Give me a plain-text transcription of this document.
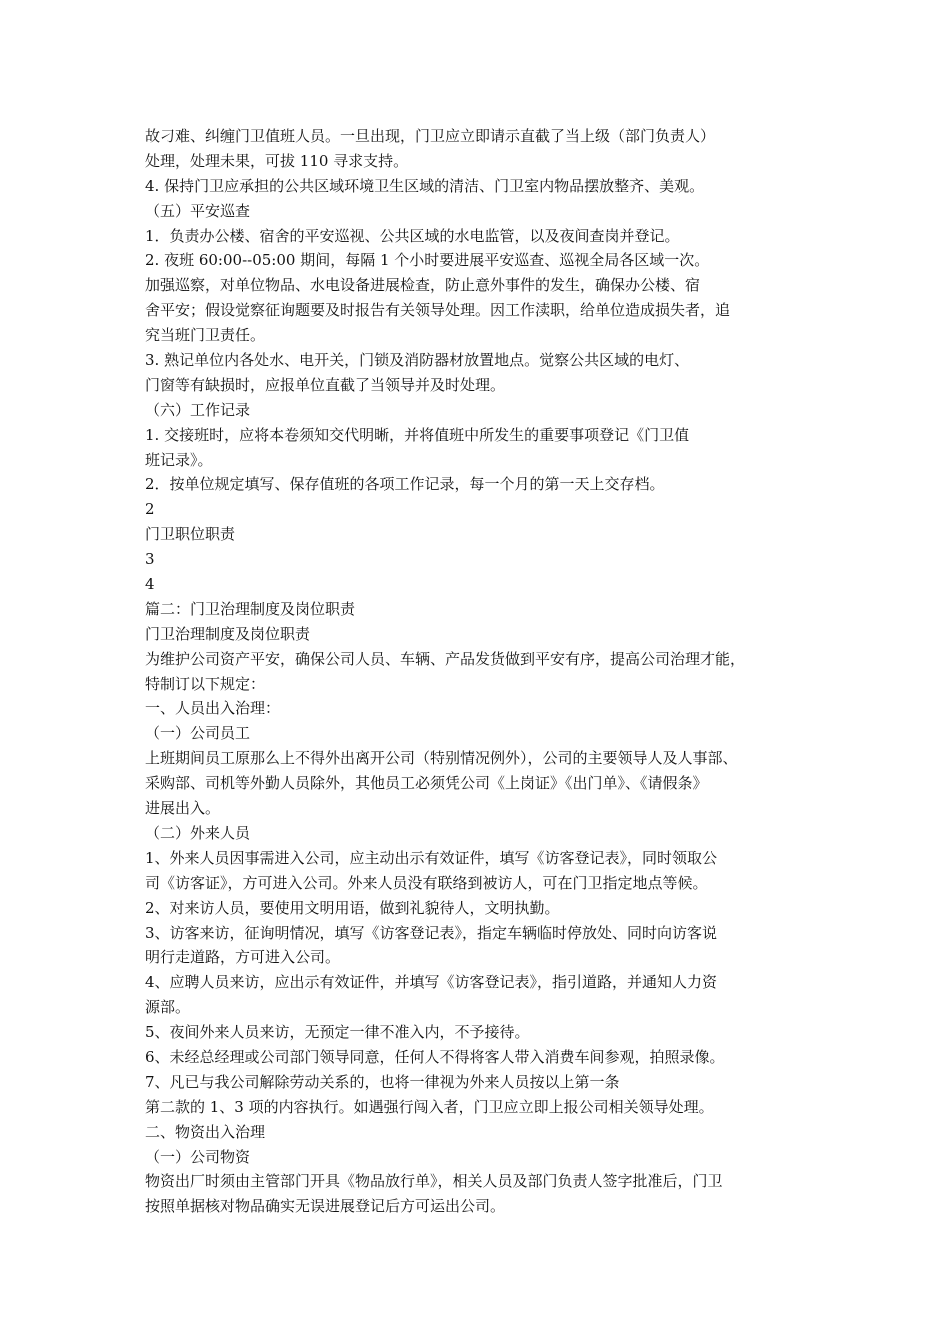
故刁难、纠缠门卫值班人员。一旦出现，门卫应立即请示直截了当上级（部门负责人）
处理，处理未果，可拔 110 寻求支持。
4. 保持门卫应承担的公共区域环境卫生区域的清洁、门卫室内物品摆放整齐、美观。
（五）平安巡查
1．负责办公楼、宿舍的平安巡视、公共区域的水电监管，以及夜间查岗并登记。
2. 夜班 60:00--05:00 期间，每隔 1 个小时要进展平安巡查、巡视全局各区域一次。
加强巡察，对单位物品、水电设备进展检查，防止意外事件的发生，确保办公楼、宿
舍平安；假设觉察征询题要及时报告有关领导处理。因工作渎职，给单位造成损失者，追
究当班门卫责任。
3. 熟记单位内各处水、电开关，门锁及消防器材放置地点。觉察公共区域的电灯、
门窗等有缺损时，应报单位直截了当领导并及时处理。
（六）工作记录
1. 交接班时，应将本卷须知交代明晰，并将值班中所发生的重要事项登记《门卫值
班记录》。
2．按单位规定填写、保存值班的各项工作记录，每一个月的第一天上交存档。
2
门卫职位职责
3
4
篇二：门卫治理制度及岗位职责
门卫治理制度及岗位职责
为维护公司资产平安，确保公司人员、车辆、产品发货做到平安有序，提高公司治理才能，
特制订以下规定：
一、人员出入治理：
（一）公司员工
上班期间员工原那么上不得外出离开公司（特别情况例外），公司的主要领导人及人事部、
采购部、司机等外勤人员除外，其他员工必须凭公司《上岗证》《出门单》、《请假条》
进展出入。
（二）外来人员
1、外来人员因事需进入公司，应主动出示有效证件，填写《访客登记表》，同时领取公
司《访客证》，方可进入公司。外来人员没有联络到被访人，可在门卫指定地点等候。
2、对来访人员，要使用文明用语，做到礼貌待人，文明执勤。
3、访客来访，征询明情况，填写《访客登记表》，指定车辆临时停放处、同时向访客说
明行走道路，方可进入公司。
4、应聘人员来访，应出示有效证件，并填写《访客登记表》，指引道路，并通知人力资
源部。
5、夜间外来人员来访，无预定一律不准入内，不予接待。
6、未经总经理或公司部门领导同意，任何人不得将客人带入消费车间参观，拍照录像。
7、凡已与我公司解除劳动关系的，也将一律视为外来人员按以上第一条
第二款的 1、3 项的内容执行。如遇强行闯入者，门卫应立即上报公司相关领导处理。
二、物资出入治理
（一）公司物资
物资出厂时须由主管部门开具《物品放行单》，相关人员及部门负责人签字批准后，门卫
按照单据核对物品确实无误进展登记后方可运出公司。
